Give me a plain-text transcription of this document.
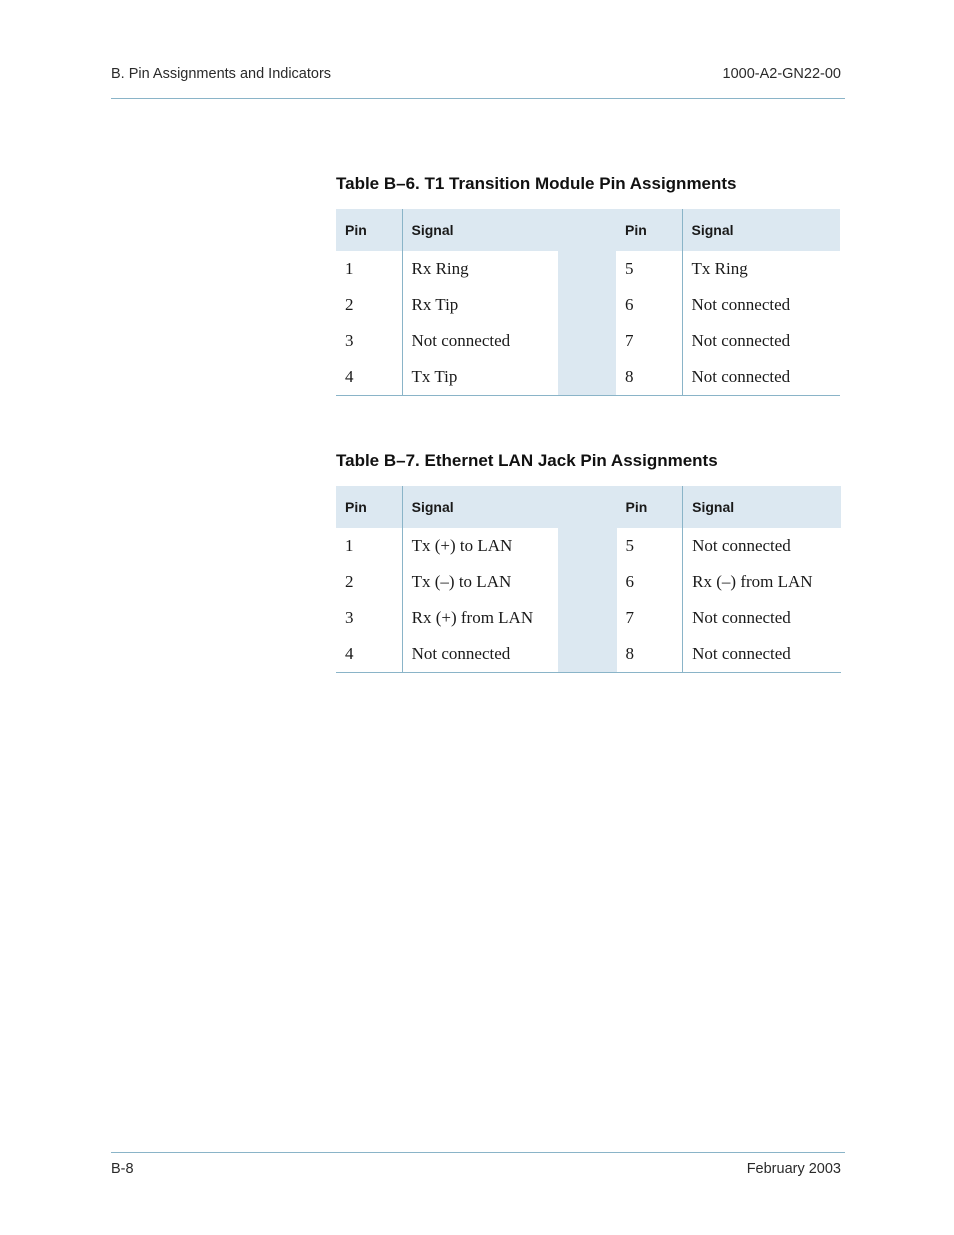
B. Pin Assignments and Indicators	1000-A2-GN22-00
Table B–6. T1 Transition Module Pin Assignments
Pin	Signal		Pin	Signal
1	Rx Ring		5	Tx Ring
2	Rx Tip		6	Not connected
3	Not connected		7	Not connected
4	Tx Tip		8	Not connected
Table B–7. Ethernet LAN Jack Pin Assignments
Pin	Signal		Pin	Signal
1	Tx (+) to LAN		5	Not connected
2	Tx (–) to LAN		6	Rx (–) from LAN
3	Rx (+) from LAN		7	Not connected
4	Not connected		8	Not connected
B-8	February 2003
